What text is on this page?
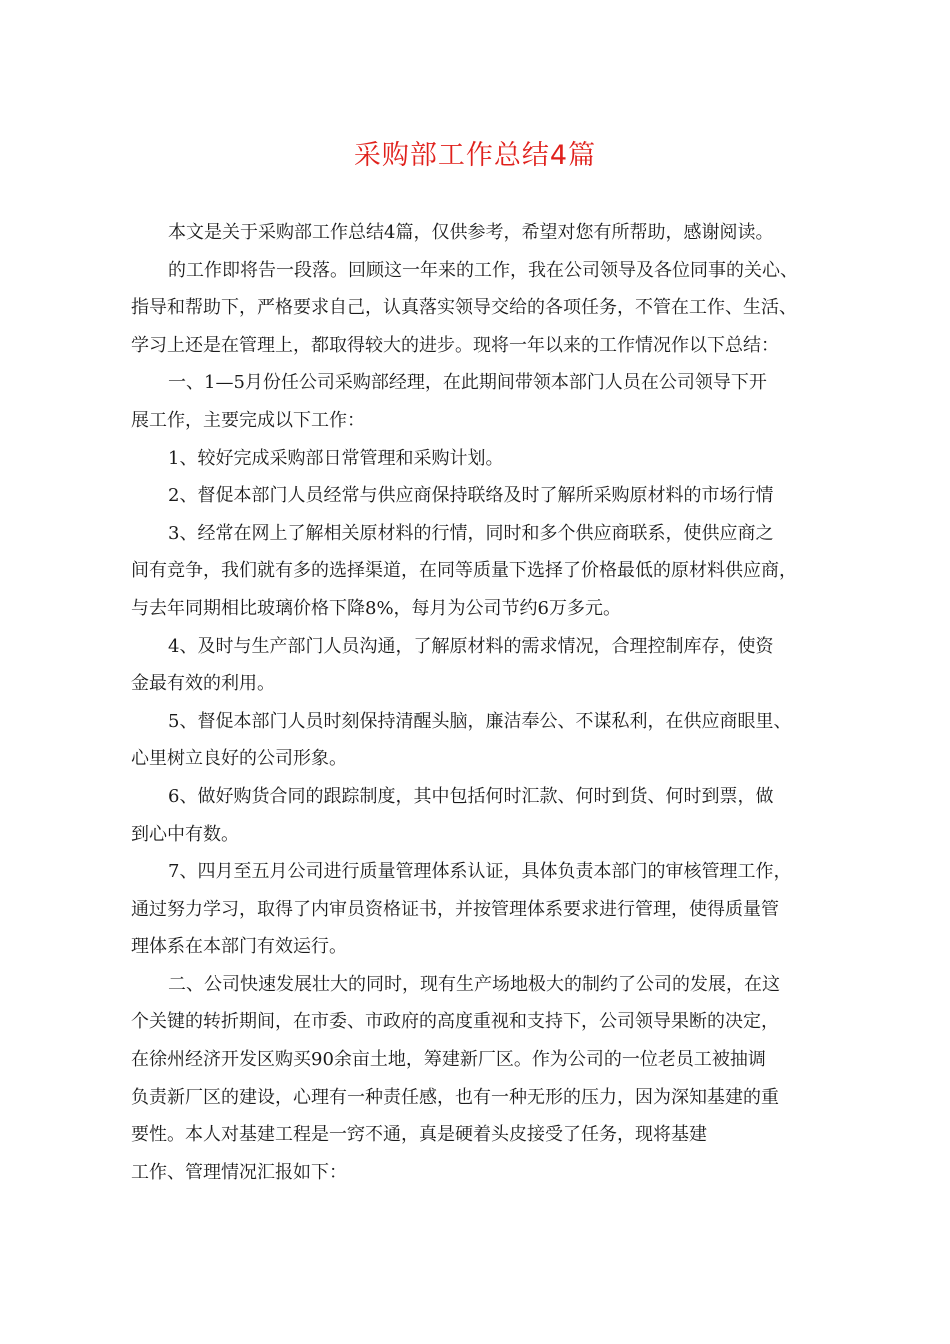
采购部工作总结4篇
本文是关于采购部工作总结4篇，仅供参考，希望对您有所帮助，感谢阅读。
的工作即将告一段落。回顾这一年来的工作，我在公司领导及各位同事的关心、
指导和帮助下，严格要求自己，认真落实领导交给的各项任务，不管在工作、生活、
学习上还是在管理上，都取得较大的进步。现将一年以来的工作情况作以下总结：
一、1—5月份任公司采购部经理，在此期间带领本部门人员在公司领导下开
展工作，主要完成以下工作：
1、较好完成采购部日常管理和采购计划。
2、督促本部门人员经常与供应商保持联络及时了解所采购原材料的市场行情
3、经常在网上了解相关原材料的行情，同时和多个供应商联系，使供应商之
间有竞争，我们就有多的选择渠道，在同等质量下选择了价格最低的原材料供应商，
与去年同期相比玻璃价格下降8%，每月为公司节约6万多元。
4、及时与生产部门人员沟通，了解原材料的需求情况，合理控制库存，使资
金最有效的利用。
5、督促本部门人员时刻保持清醒头脑，廉洁奉公、不谋私利，在供应商眼里、
心里树立良好的公司形象。
6、做好购货合同的跟踪制度，其中包括何时汇款、何时到货、何时到票，做
到心中有数。
7、四月至五月公司进行质量管理体系认证，具体负责本部门的审核管理工作，
通过努力学习，取得了内审员资格证书，并按管理体系要求进行管理，使得质量管
理体系在本部门有效运行。
二、公司快速发展壮大的同时，现有生产场地极大的制约了公司的发展，在这
个关键的转折期间，在市委、市政府的高度重视和支持下，公司领导果断的决定，
在徐州经济开发区购买90余亩土地，筹建新厂区。作为公司的一位老员工被抽调
负责新厂区的建设，心理有一种责任感，也有一种无形的压力，因为深知基建的重
要性。本人对基建工程是一窍不通，真是硬着头皮接受了任务，现将基建
工作、管理情况汇报如下：
